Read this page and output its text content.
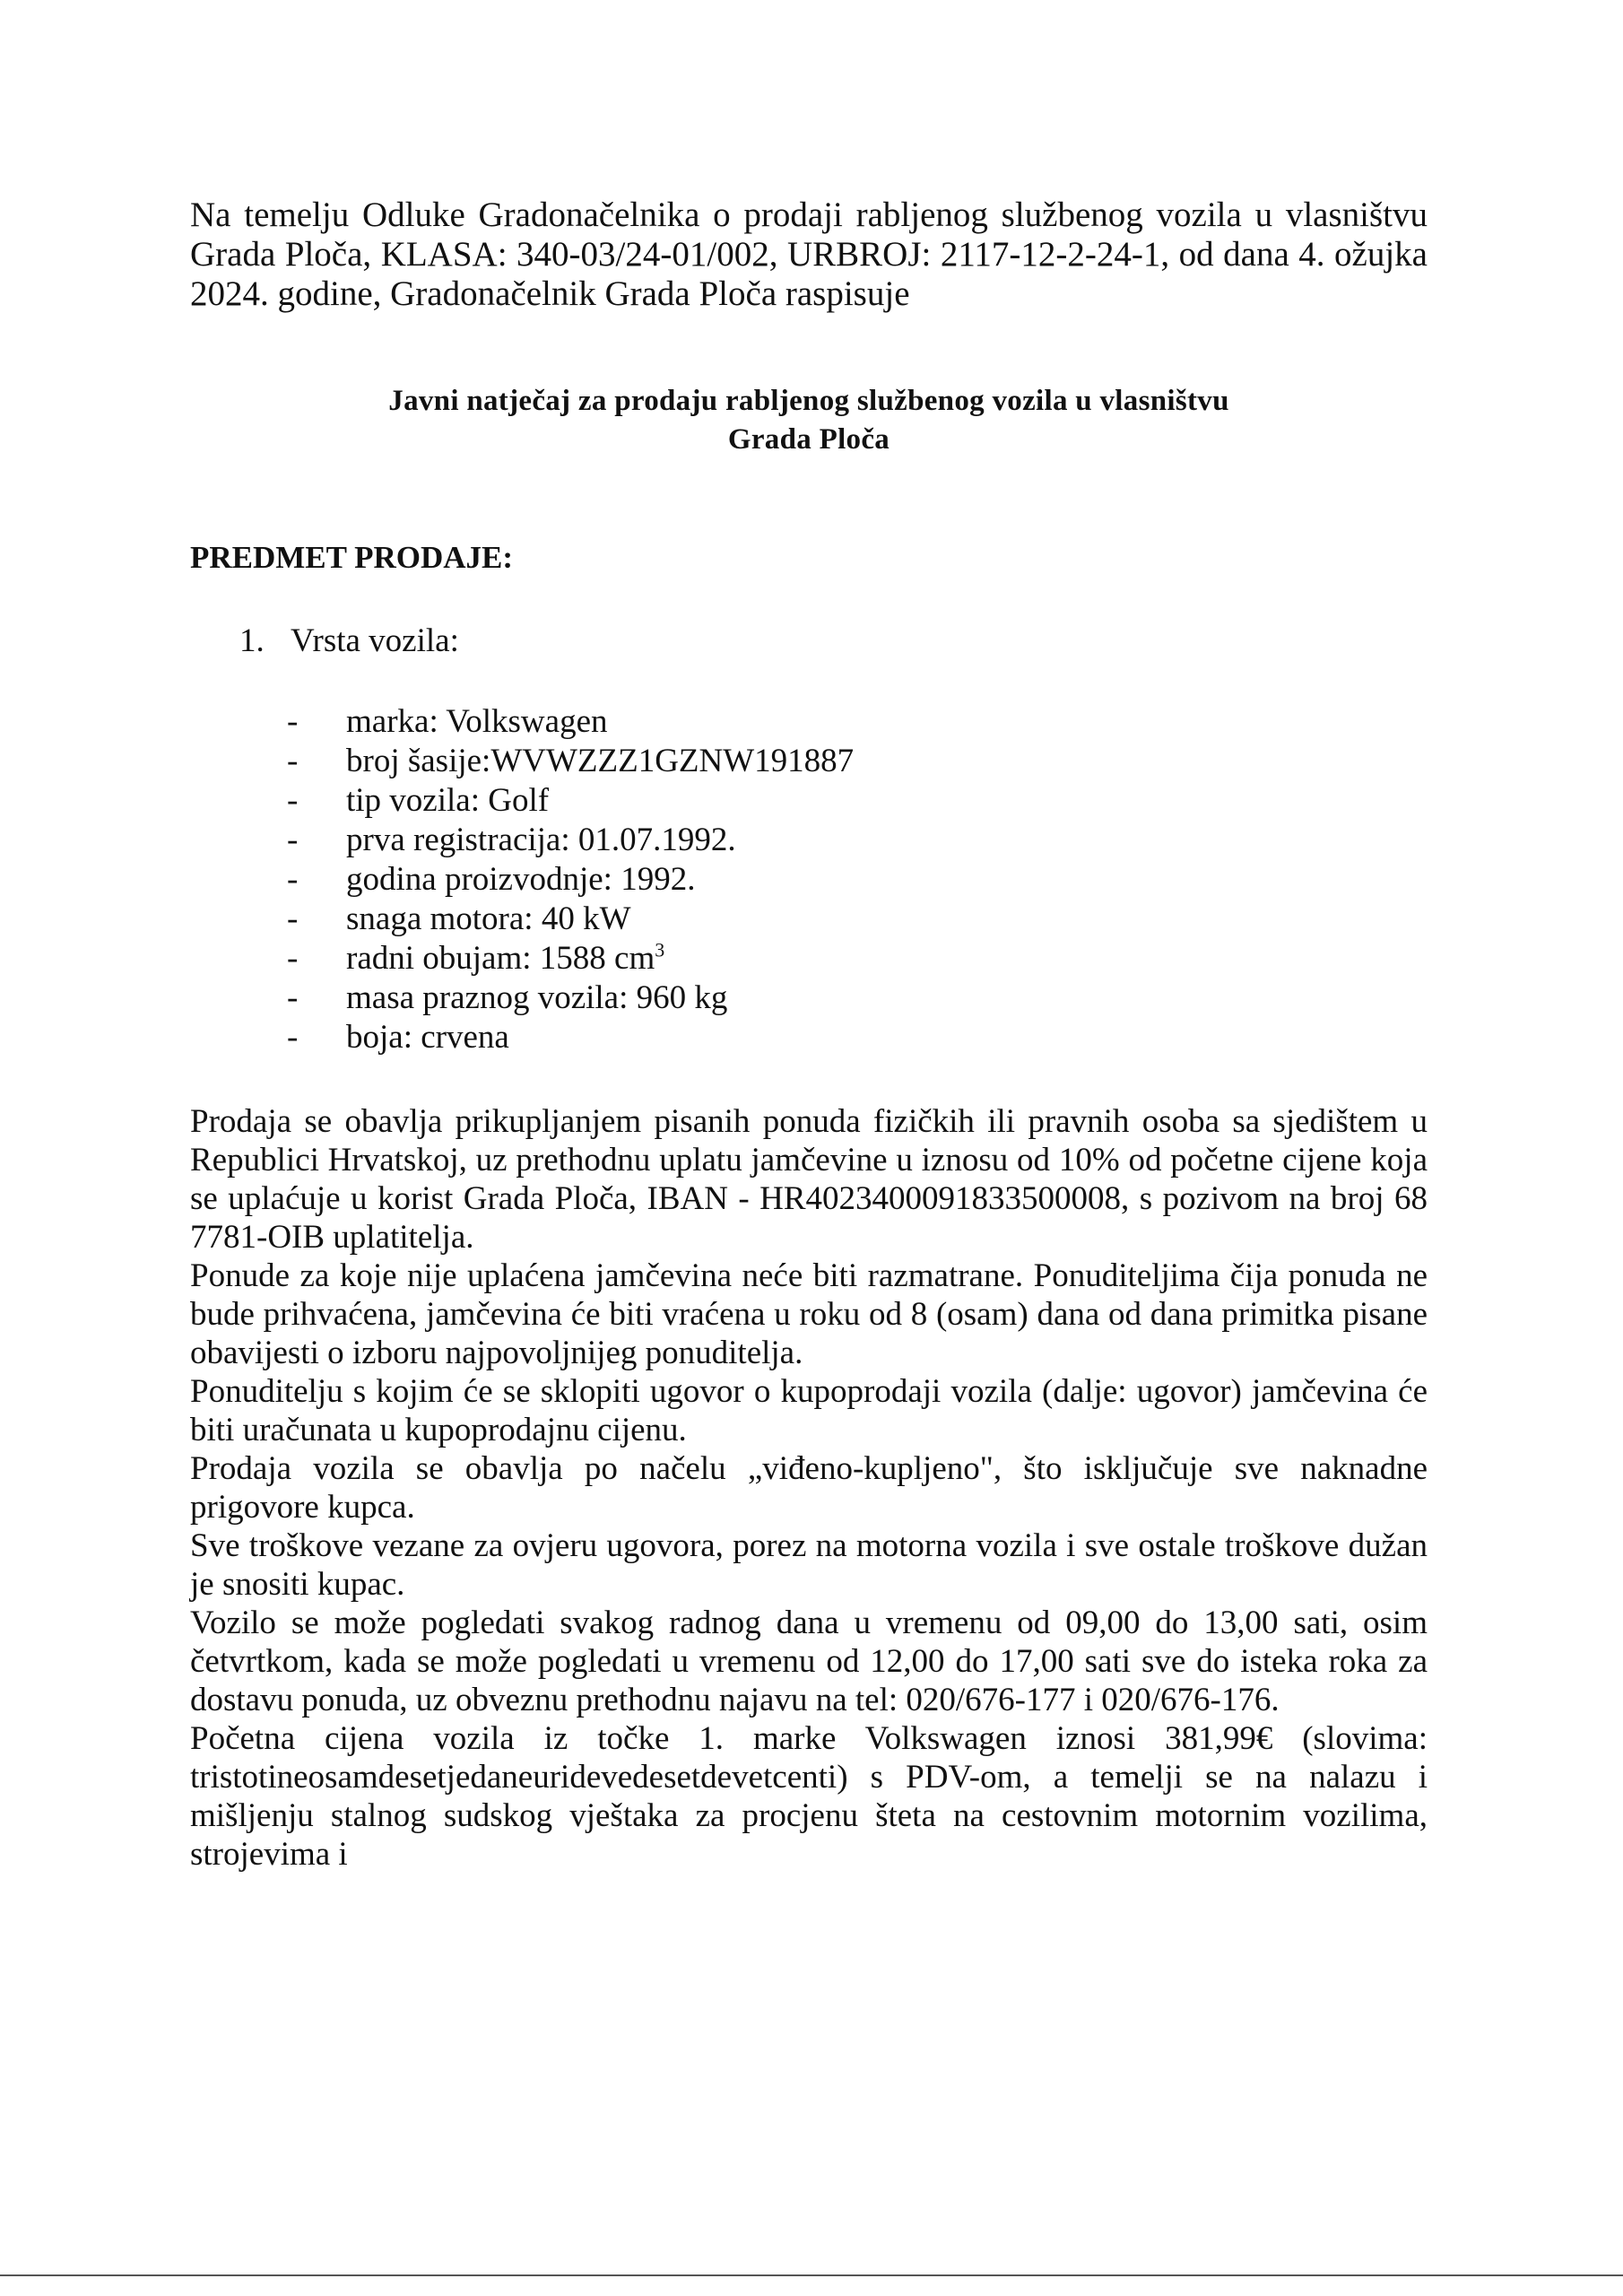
Na temelju Odluke Gradonačelnika o prodaji rabljenog službenog vozila u vlasništvu Grada Ploča, KLASA: 340-03/24-01/002, URBROJ: 2117-12-2-24-1, od dana 4. ožujka 2024. godine, Gradonačelnik Grada Ploča raspisuje

Javni natječaj za prodaju rabljenog službenog vozila u vlasništvu

Grada Ploča

PREDMET PRODAJE:

1. Vrsta vozila:

- marka: Volkswagen
- broj šasije:WVWZZZ1GZNW191887
- tip vozila: Golf
- prva registracija: 01.07.1992.
- godina proizvodnje: 1992.
- snaga motora: 40 kW
- radni obujam: 1588 $cm^3$
- masa praznog vozila: 960 kg
- boja: crvena

Prodaja se obavlja prikupljanjem pisanih ponuda fizičkih ili pravnih osoba sa sjedištem u Republici Hrvatskoj, uz prethodnu uplatu jamčevine u iznosu od 10% od početne cijene koja se uplaćuje u korist Grada Ploča, IBAN - HR4023400091833500008, s pozivom na broj 68 7781-OIB uplatitelja.

Ponude za koje nije uplaćena jamčevina neće biti razmatrane. Ponuditeljima čija ponuda ne bude prihvaćena, jamčevina će biti vraćena u roku od 8 (osam) dana od dana primitka pisane obavijesti o izboru najpovoljnijeg ponuditelja.

Ponuditelju s kojim će se sklopiti ugovor o kupoprodaji vozila (dalje: ugovor) jamčevina će biti uračunata u kupoprodajnu cijenu.

Prodaja vozila se obavlja po načelu „viđeno-kupljeno", što isključuje sve naknadne prigovore kupca.

Sve troškove vezane za ovjeru ugovora, porez na motorna vozila i sve ostale troškove dužan je snositi kupac.

Vozilo se može pogledati svakog radnog dana u vremenu od 09,00 do 13,00 sati, osim četvrtkom, kada se može pogledati u vremenu od 12,00 do 17,00 sati sve do isteka roka za dostavu ponuda, uz obveznu prethodnu najavu na tel: 020/676-177 i 020/676-176.

Početna cijena vozila iz točke 1. marke Volkswagen iznosi 381,99€ (slovima: tristotineosamdesetjedaneuridevedesetdevetcenti) s PDV-om, a temelji se na nalazu i mišljenju stalnog sudskog vještaka za procjenu šteta na cestovnim motornim vozilima, strojevima i
